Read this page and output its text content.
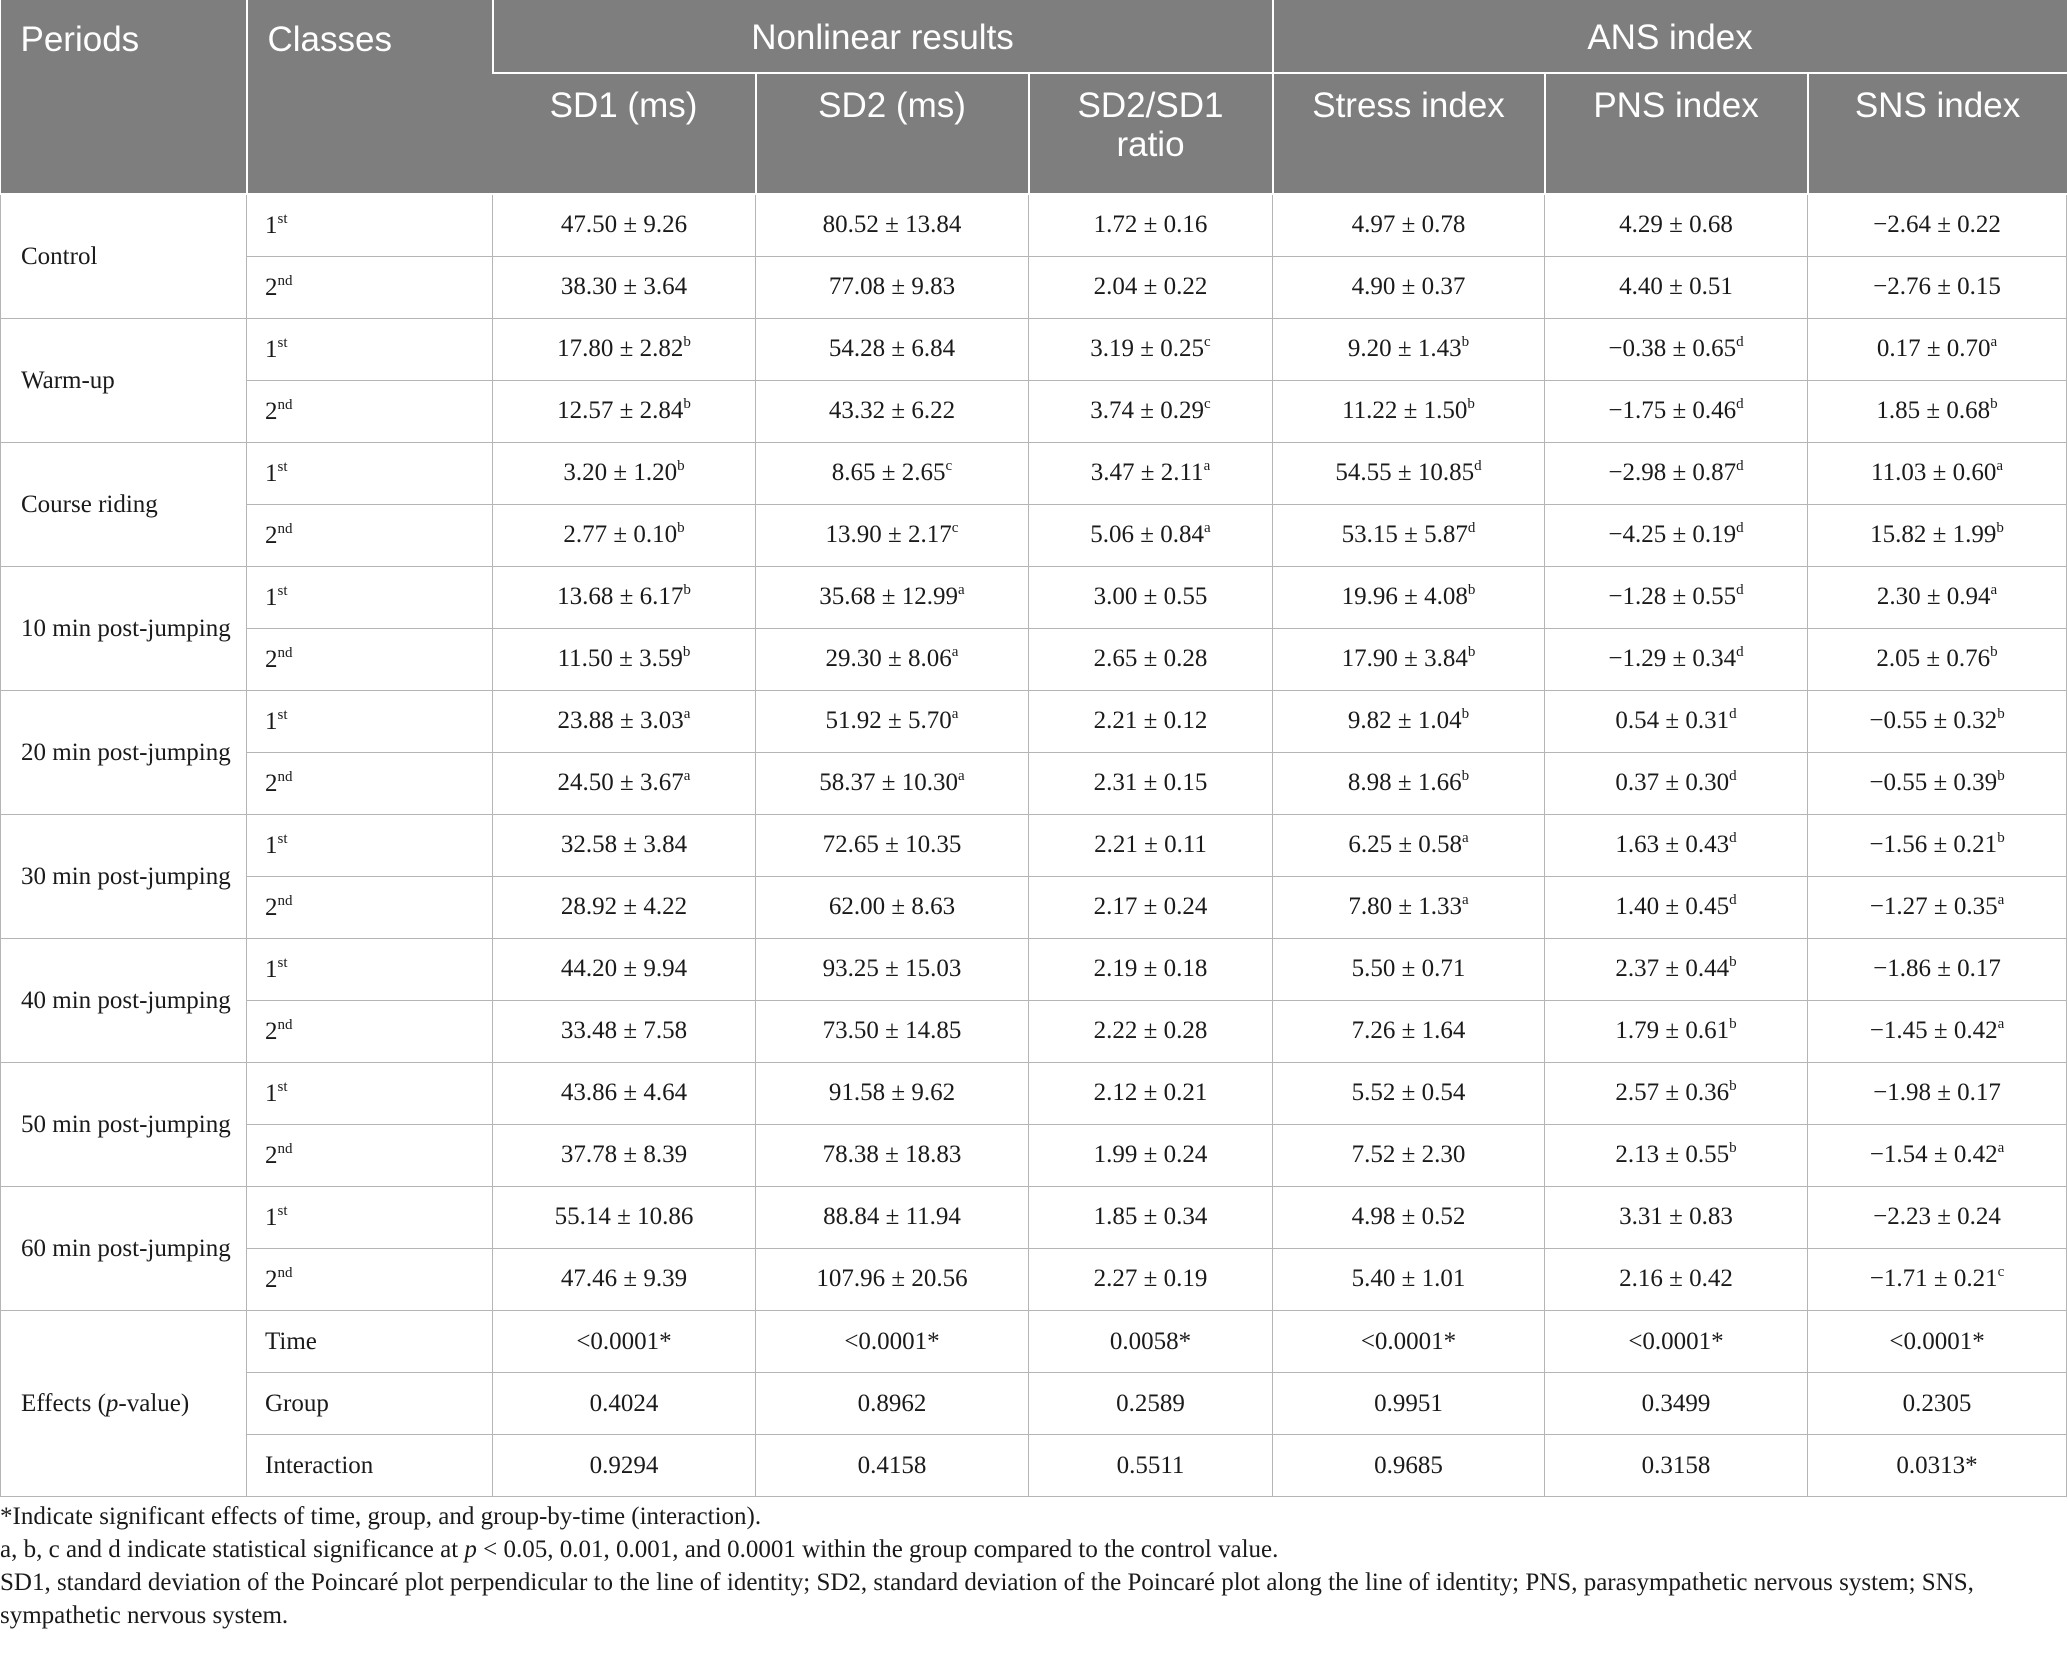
Periods	Classes	Nonlinear results			ANS index		
		SD1 (ms)	SD2 (ms)	SD2/SD1 ratio	Stress index	PNS index	SNS index
Control	1st	47.50 ± 9.26	80.52 ± 13.84	1.72 ± 0.16	4.97 ± 0.78	4.29 ± 0.68	−2.64 ± 0.22
	2nd	38.30 ± 3.64	77.08 ± 9.83	2.04 ± 0.22	4.90 ± 0.37	4.40 ± 0.51	−2.76 ± 0.15
Warm-up	1st	17.80 ± 2.82$^b$	54.28 ± 6.84	3.19 ± 0.25$^c$	9.20 ± 1.43$^b$	−0.38 ± 0.65$^d$	0.17 ± 0.70$^a$
	2nd	12.57 ± 2.84$^b$	43.32 ± 6.22	3.74 ± 0.29$^c$	11.22 ± 1.50$^b$	−1.75 ± 0.46$^d$	1.85 ± 0.68$^b$
Course riding	1st	3.20 ± 1.20$^b$	8.65 ± 2.65$^c$	3.47 ± 2.11$^a$	54.55 ± 10.85$^d$	−2.98 ± 0.87$^d$	11.03 ± 0.60$^a$
	2nd	2.77 ± 0.10$^b$	13.90 ± 2.17$^c$	5.06 ± 0.84$^a$	53.15 ± 5.87$^d$	−4.25 ± 0.19$^d$	15.82 ± 1.99$^b$
10 min post-jumping	1st	13.68 ± 6.17$^b$	35.68 ± 12.99$^a$	3.00 ± 0.55	19.96 ± 4.08$^b$	−1.28 ± 0.55$^d$	2.30 ± 0.94$^a$
	2nd	11.50 ± 3.59$^b$	29.30 ± 8.06$^a$	2.65 ± 0.28	17.90 ± 3.84$^b$	−1.29 ± 0.34$^d$	2.05 ± 0.76$^b$
20 min post-jumping	1st	23.88 ± 3.03$^a$	51.92 ± 5.70$^a$	2.21 ± 0.12	9.82 ± 1.04$^b$	0.54 ± 0.31$^d$	−0.55 ± 0.32$^b$
	2nd	24.50 ± 3.67$^a$	58.37 ± 10.30$^a$	2.31 ± 0.15	8.98 ± 1.66$^b$	0.37 ± 0.30$^d$	−0.55 ± 0.39$^b$
30 min post-jumping	1st	32.58 ± 3.84	72.65 ± 10.35	2.21 ± 0.11	6.25 ± 0.58$^a$	1.63 ± 0.43$^d$	−1.56 ± 0.21$^b$
	2nd	28.92 ± 4.22	62.00 ± 8.63	2.17 ± 0.24	7.80 ± 1.33$^a$	1.40 ± 0.45$^d$	−1.27 ± 0.35$^a$
40 min post-jumping	1st	44.20 ± 9.94	93.25 ± 15.03	2.19 ± 0.18	5.50 ± 0.71	2.37 ± 0.44$^b$	−1.86 ± 0.17
	2nd	33.48 ± 7.58	73.50 ± 14.85	2.22 ± 0.28	7.26 ± 1.64	1.79 ± 0.61$^b$	−1.45 ± 0.42$^a$
50 min post-jumping	1st	43.86 ± 4.64	91.58 ± 9.62	2.12 ± 0.21	5.52 ± 0.54	2.57 ± 0.36$^b$	−1.98 ± 0.17
	2nd	37.78 ± 8.39	78.38 ± 18.83	1.99 ± 0.24	7.52 ± 2.30	2.13 ± 0.55$^b$	−1.54 ± 0.42$^a$
60 min post-jumping	1st	55.14 ± 10.86	88.84 ± 11.94	1.85 ± 0.34	4.98 ± 0.52	3.31 ± 0.83	−2.23 ± 0.24
	2nd	47.46 ± 9.39	107.96 ± 20.56	2.27 ± 0.19	5.40 ± 1.01	2.16 ± 0.42	−1.71 ± 0.21$^c$
Effects (p-value)	Time	<0.0001*	<0.0001*	0.0058*	<0.0001*	<0.0001*	<0.0001*
	Group	0.4024	0.8962	0.2589	0.9951	0.3499	0.2305
	Interaction	0.9294	0.4158	0.5511	0.9685	0.3158	0.0313*

*Indicate significant effects of time, group, and group-by-time (interaction).

a, b, c and d indicate statistical significance at p < 0.05, 0.01, 0.001, and 0.0001 within the group compared to the control value.

SD1, standard deviation of the Poincaré plot perpendicular to the line of identity; SD2, standard deviation of the Poincaré plot along the line of identity; PNS, parasympathetic nervous system; SNS, sympathetic nervous system.
